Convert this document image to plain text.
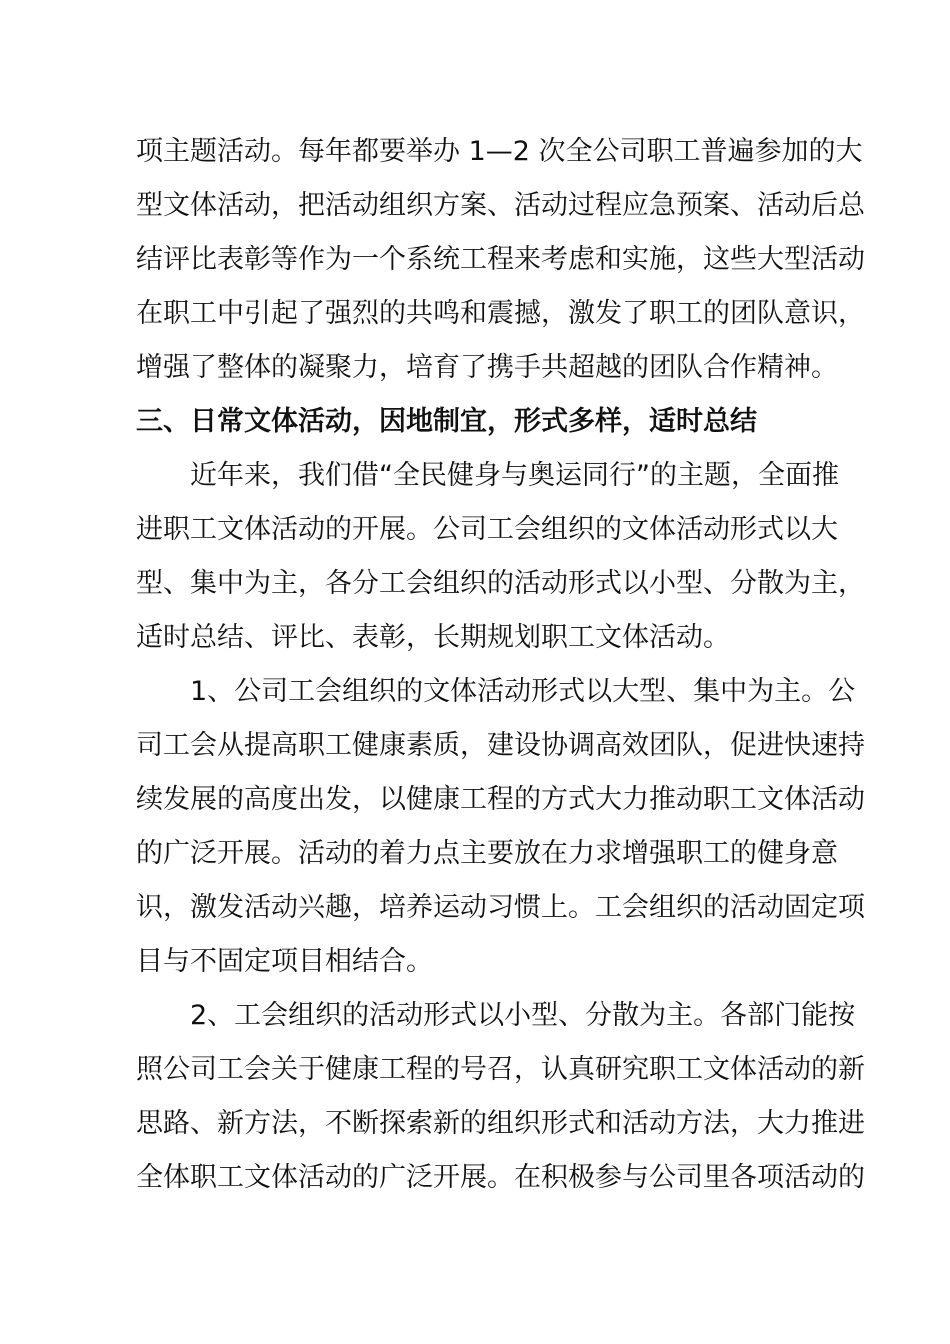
项主题活动。每年都要举办 1—2 次全公司职工普遍参加的大
型文体活动，把活动组织方案、活动过程应急预案、活动后总
结评比表彰等作为一个系统工程来考虑和实施，这些大型活动
在职工中引起了强烈的共鸣和震撼，激发了职工的团队意识，
增强了整体的凝聚力，培育了携手共超越的团队合作精神。
三、日常文体活动，因地制宜，形式多样，适时总结
近年来，我们借“全民健身与奥运同行”的主题，全面推
进职工文体活动的开展。公司工会组织的文体活动形式以大
型、集中为主，各分工会组织的活动形式以小型、分散为主，
适时总结、评比、表彰，长期规划职工文体活动。
1、公司工会组织的文体活动形式以大型、集中为主。公
司工会从提高职工健康素质，建设协调高效团队，促进快速持
续发展的高度出发，以健康工程的方式大力推动职工文体活动
的广泛开展。活动的着力点主要放在力求增强职工的健身意
识，激发活动兴趣，培养运动习惯上。工会组织的活动固定项
目与不固定项目相结合。
2、工会组织的活动形式以小型、分散为主。各部门能按
照公司工会关于健康工程的号召，认真研究职工文体活动的新
思路、新方法，不断探索新的组织形式和活动方法，大力推进
全体职工文体活动的广泛开展。在积极参与公司里各项活动的
